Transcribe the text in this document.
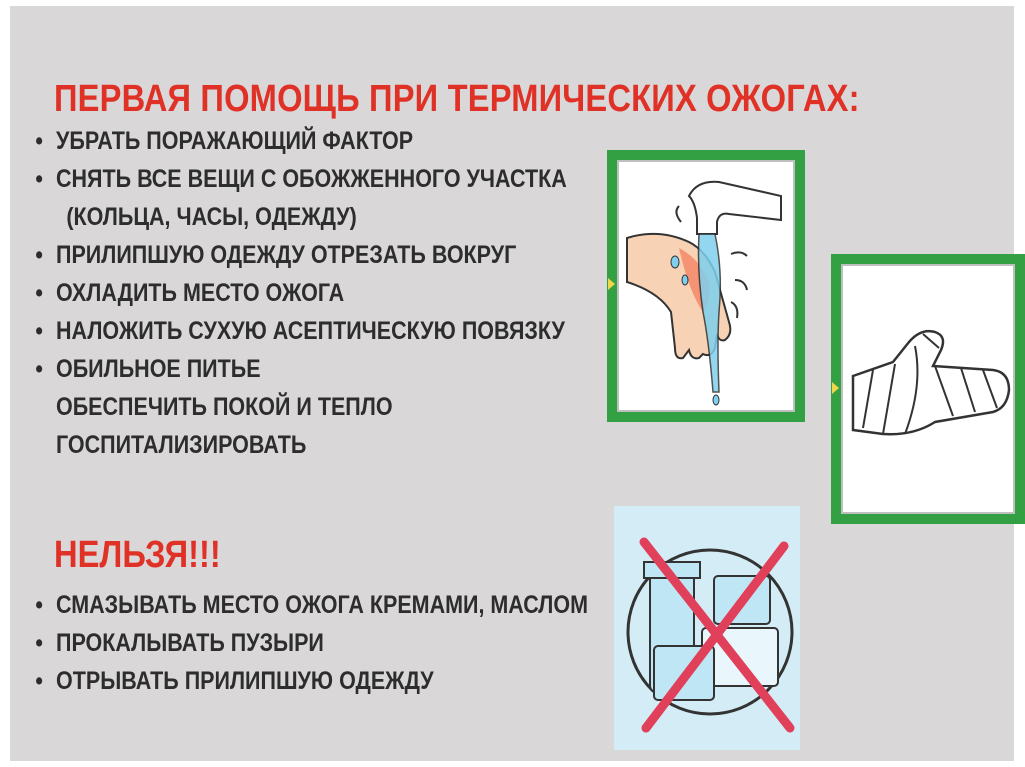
ПЕРВАЯ ПОМОЩЬ ПРИ ТЕРМИЧЕСКИХ ОЖОГАХ:
• УБРАТЬ ПОРАЖАЮЩИЙ ФАКТОР
• СНЯТЬ ВСЕ ВЕЩИ С ОБОЖЖЕННОГО УЧАСТКА
(КОЛЬЦА, ЧАСЫ, ОДЕЖДУ)
• ПРИЛИПШУЮ ОДЕЖДУ ОТРЕЗАТЬ ВОКРУГ
• ОХЛАДИТЬ МЕСТО ОЖОГА
• НАЛОЖИТЬ СУХУЮ АСЕПТИЧЕСКУЮ ПОВЯЗКУ
• ОБИЛЬНОЕ ПИТЬЕ
ОБЕСПЕЧИТЬ ПОКОЙ И ТЕПЛО
ГОСПИТАЛИЗИРОВАТЬ
НЕЛЬЗЯ!!!
• СМАЗЫВАТЬ МЕСТО ОЖОГА КРЕМАМИ, МАСЛОМ
• ПРОКАЛЫВАТЬ ПУЗЫРИ
• ОТРЫВАТЬ ПРИЛИПШУЮ ОДЕЖДУ
